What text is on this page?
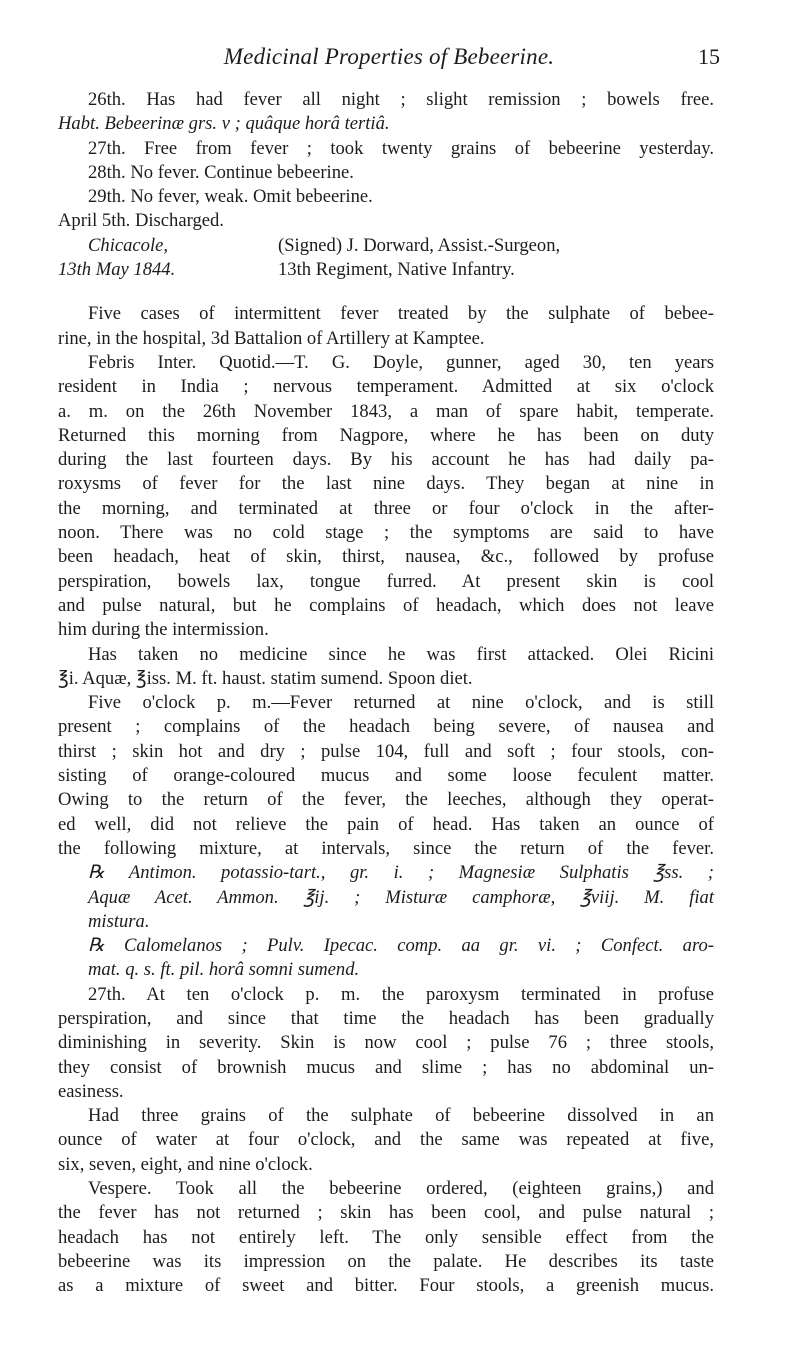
Medicinal Properties of Bebeerine.	15
26th. Has had fever all night ; slight remission ; bowels free.
Habt. Bebeerinæ grs. v ; quâque horâ tertiâ.
27th. Free from fever ; took twenty grains of bebeerine yesterday.
28th. No fever. Continue bebeerine.
29th. No fever, weak. Omit bebeerine.
April 5th. Discharged.
Chicacole,	(Signed) J. Dorward, Assist.-Surgeon,
13th May 1844.	13th Regiment, Native Infantry.
Five cases of intermittent fever treated by the sulphate of bebee-
rine, in the hospital, 3d Battalion of Artillery at Kamptee.
Febris Inter. Quotid.—T. G. Doyle, gunner, aged 30, ten years
resident in India ; nervous temperament. Admitted at six o'clock
a. m. on the 26th November 1843, a man of spare habit, temperate.
Returned this morning from Nagpore, where he has been on duty
during the last fourteen days. By his account he has had daily pa-
roxysms of fever for the last nine days. They began at nine in
the morning, and terminated at three or four o'clock in the after-
noon. There was no cold stage ; the symptoms are said to have
been headach, heat of skin, thirst, nausea, &c., followed by profuse
perspiration, bowels lax, tongue furred. At present skin is cool
and pulse natural, but he complains of headach, which does not leave
him during the intermission.
Has taken no medicine since he was first attacked. Olei Ricini
℥i. Aquæ, ℥iss. M. ft. haust. statim sumend. Spoon diet.
Five o'clock p. m.—Fever returned at nine o'clock, and is still
present ; complains of the headach being severe, of nausea and
thirst ; skin hot and dry ; pulse 104, full and soft ; four stools, con-
sisting of orange-coloured mucus and some loose feculent matter.
Owing to the return of the fever, the leeches, although they operat-
ed well, did not relieve the pain of head. Has taken an ounce of
the following mixture, at intervals, since the return of the fever.
℞ Antimon. potassio-tart., gr. i. ; Magnesiæ Sulphatis ℥ss. ;
Aquæ Acet. Ammon. ℥ij. ; Misturæ camphoræ, ℥viij. M. fiat
mistura.
℞ Calomelanos ; Pulv. Ipecac. comp. aa gr. vi. ; Confect. aro-
mat. q. s. ft. pil. horâ somni sumend.
27th. At ten o'clock p. m. the paroxysm terminated in profuse
perspiration, and since that time the headach has been gradually
diminishing in severity. Skin is now cool ; pulse 76 ; three stools,
they consist of brownish mucus and slime ; has no abdominal un-
easiness.
Had three grains of the sulphate of bebeerine dissolved in an
ounce of water at four o'clock, and the same was repeated at five,
six, seven, eight, and nine o'clock.
Vespere. Took all the bebeerine ordered, (eighteen grains,) and
the fever has not returned ; skin has been cool, and pulse natural ;
headach has not entirely left. The only sensible effect from the
bebeerine was its impression on the palate. He describes its taste
as a mixture of sweet and bitter. Four stools, a greenish mucus.
